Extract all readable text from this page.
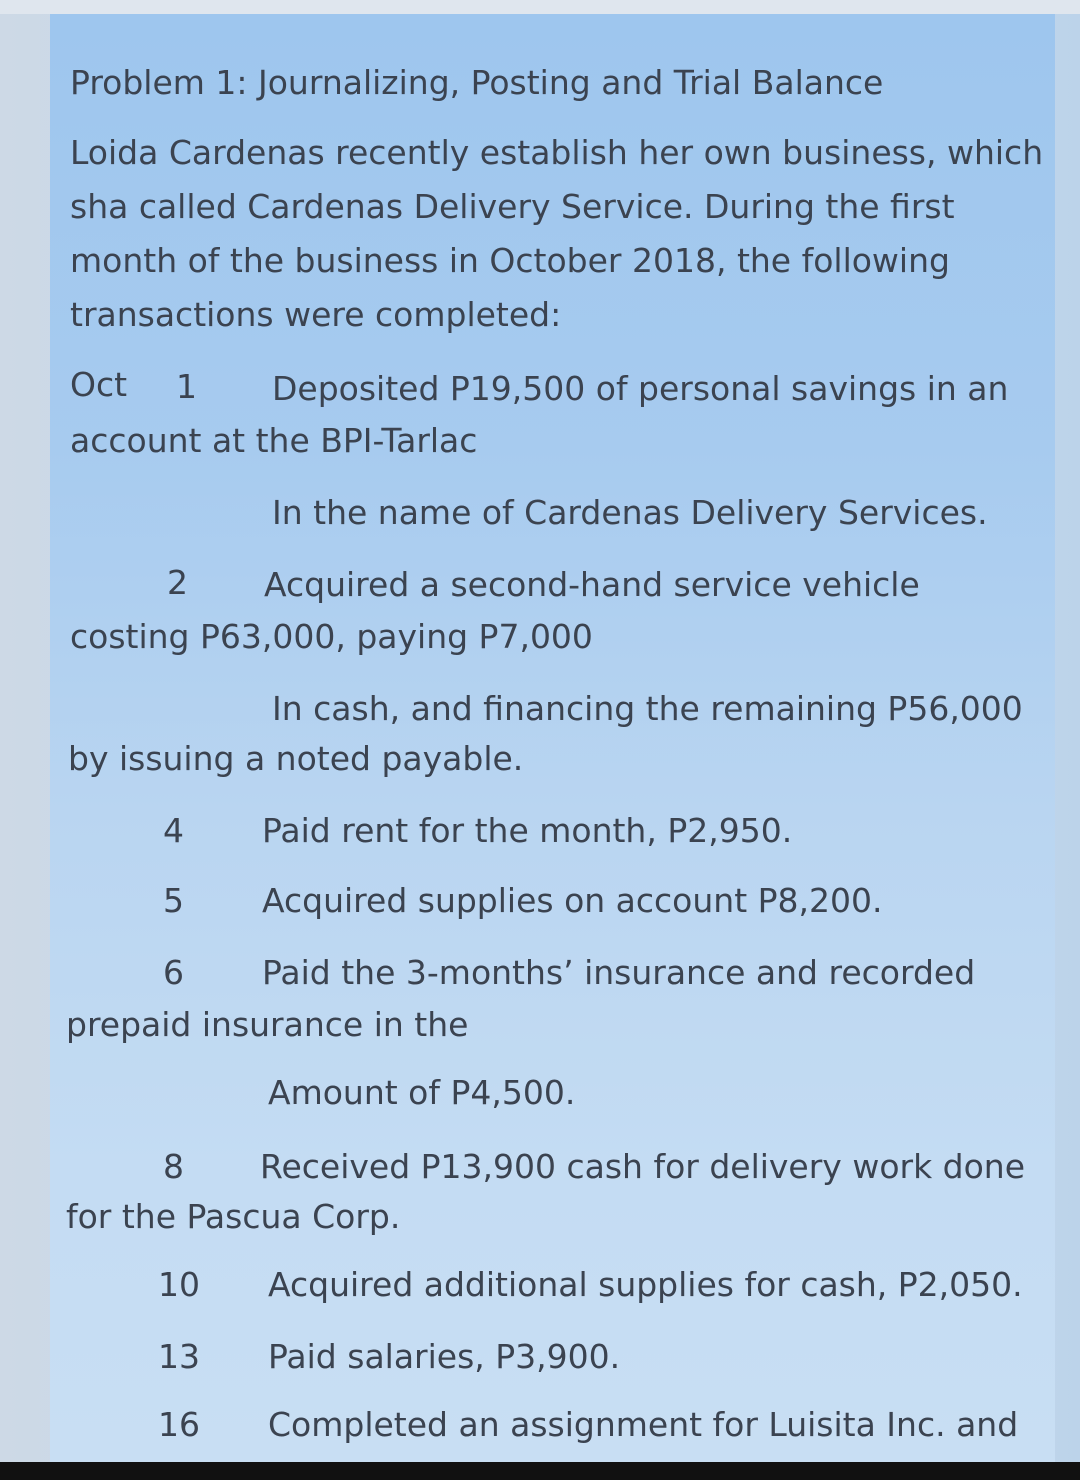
Problem 1: Journalizing, Posting and Trial Balance
Loida Cardenas recently establish her own business, which
sha called Cardenas Delivery Service. During the first
month of the business in October 2018, the following
transactions were completed:
Oct 1 Deposited P19,500 of personal savings in an
account at the BPI-Tarlac
In the name of Cardenas Delivery Services.
2 Acquired a second-hand service vehicle
costing P63,000, paying P7,000
In cash, and financing the remaining P56,000
by issuing a noted payable.
4 Paid rent for the month, P2,950.
5 Acquired supplies on account P8,200.
6 Paid the 3-months’ insurance and recorded
prepaid insurance in the
Amount of P4,500.
8 Received P13,900 cash for delivery work done
for the Pascua Corp.
10 Acquired additional supplies for cash, P2,050.
13 Paid salaries, P3,900.
16 Completed an assignment for Luisita Inc. and
